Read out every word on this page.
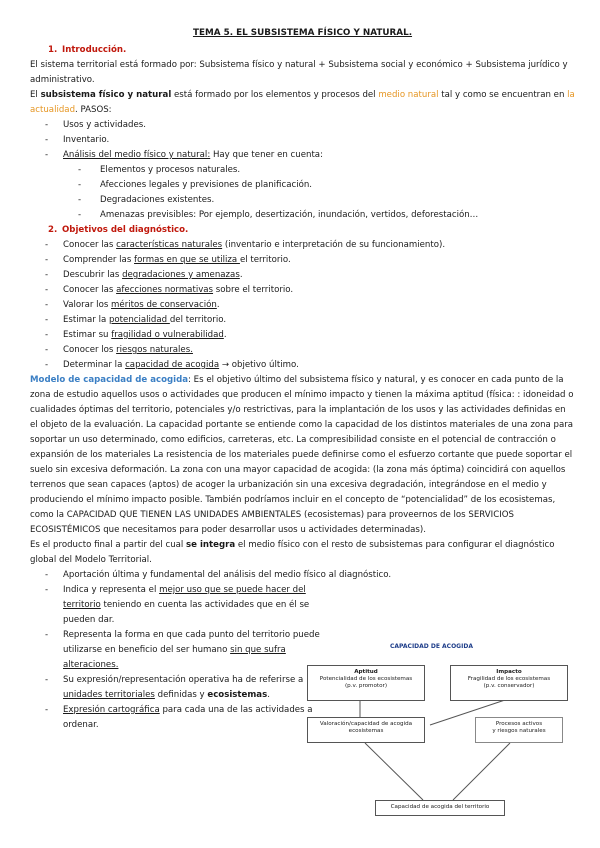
TEMA 5. EL SUBSISTEMA FÍSICO Y NATURAL.

1. Introducción.

El sistema territorial está formado por: Subsistema físico y natural + Subsistema social y económico + Subsistema jurídico y administrativo.

El subsistema físico y natural está formado por los elementos y procesos del medio natural tal y como se encuentran en la actualidad. PASOS:

- Usos y actividades.
- Inventario.
- Análisis del medio físico y natural: Hay que tener en cuenta:
- Elementos y procesos naturales.
- Afecciones legales y previsiones de planificación.
- Degradaciones existentes.
- Amenazas previsibles: Por ejemplo, desertización, inundación, vertidos, deforestación…
2. Objetivos del diagnóstico.
- Conocer las características naturales (inventario e interpretación de su funcionamiento).
- Comprender las formas en que se utiliza el territorio.
- Descubrir las degradaciones y amenazas.
- Conocer las afecciones normativas sobre el territorio.
- Valorar los méritos de conservación.
- Estimar la potencialidad del territorio.
- Estimar su fragilidad o vulnerabilidad.
- Conocer los riesgos naturales.
- Determinar la capacidad de acogida → objetivo último.

Modelo de capacidad de acogida: Es el objetivo último del subsistema físico y natural, y es conocer en cada punto de la zona de estudio aquellos usos o actividades que producen el mínimo impacto y tienen la máxima aptitud (física: : idoneidad o cualidades óptimas del territorio, potenciales y/o restrictivas, para la implantación de los usos y las actividades definidas en el objeto de la evaluación. La capacidad portante se entiende como la capacidad de los distintos materiales de una zona para soportar un uso determinado, como edificios, carreteras, etc. La compresibilidad consiste en el potencial de contracción o expansión de los materiales La resistencia de los materiales puede definirse como el esfuerzo cortante que puede soportar el suelo sin excesiva deformación. La zona con una mayor capacidad de acogida: (la zona más óptima) coincidirá con aquellos terrenos que sean capaces (aptos) de acoger la urbanización sin una excesiva degradación, integrándose en el medio y produciendo el mínimo impacto posible. También podríamos incluir en el concepto de “potencialidad” de los ecosistemas, como la CAPACIDAD QUE TIENEN LAS UNIDADES AMBIENTALES (ecosistemas) para proveernos de los SERVICIOS ECOSISTÉMICOS que necesitamos para poder desarrollar usos u actividades determinadas).

Es el producto final a partir del cual se integra el medio físico con el resto de subsistemas para configurar el diagnóstico global del Modelo Territorial.

- Aportación última y fundamental del análisis del medio físico al diagnóstico.
- Indica y representa el mejor uso que se puede hacer del territorio teniendo en cuenta las actividades que en él se pueden dar.
- Representa la forma en que cada punto del territorio puede utilizarse en beneficio del ser humano sin que sufra alteraciones.
- Su expresión/representación operativa ha de referirse a unidades territoriales definidas y ecosistemas.
- Expresión cartográfica para cada una de las actividades a ordenar.
CAPACIDAD DE ACOGIDA
Aptitud
Potencialidad de los ecosistemas
(p.v. promotor)
Impacto
Fragilidad de los ecosistemas
(p.v. conservador)
Valoración/capacidad de acogida
ecosistemas
Procesos activos
y riesgos naturales
Capacidad de acogida del territorio
